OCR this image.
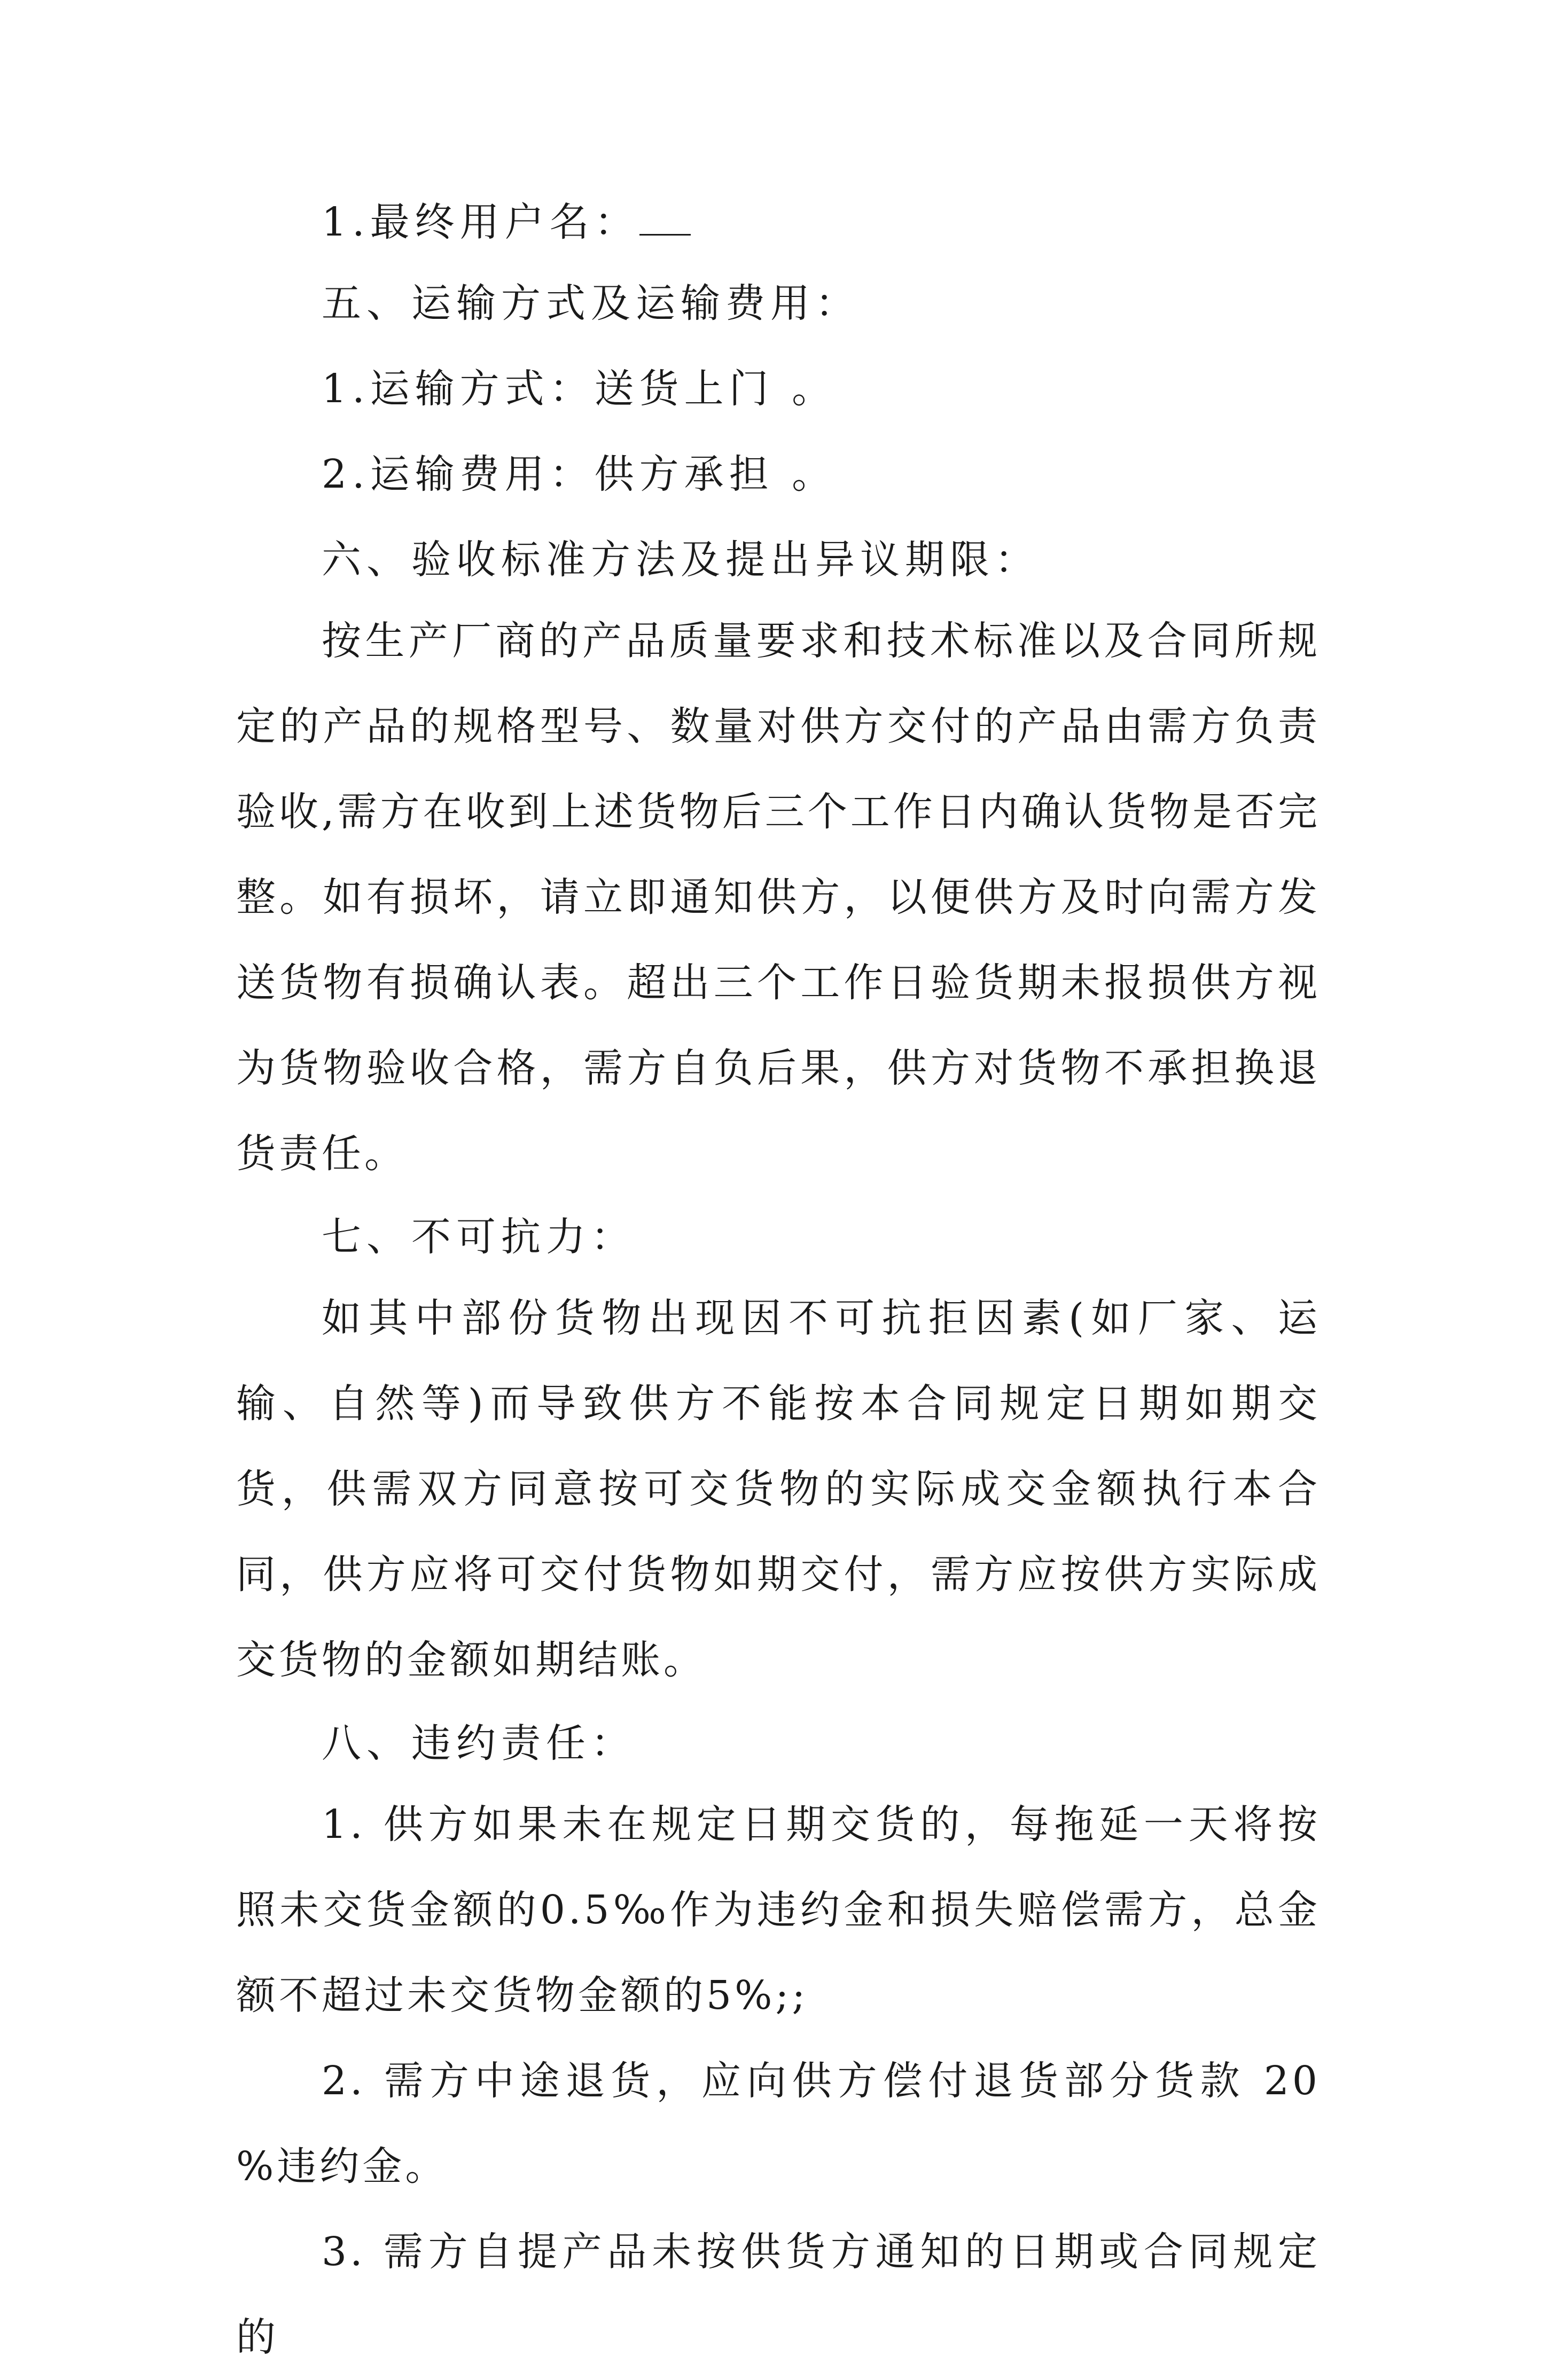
1.最终用户名：
五、运输方式及运输费用：
1.运输方式：送货上门 。
2.运输费用：供方承担 。
六、验收标准方法及提出异议期限：

按生产厂商的产品质量要求和技术标准以及合同所规定的产品的规格型号、数量对供方交付的产品由需方负责验收,需方在收到上述货物后三个工作日内确认货物是否完整。如有损坏，请立即通知供方，以便供方及时向需方发送货物有损确认表。超出三个工作日验货期未报损供方视为货物验收合格，需方自负后果，供方对货物不承担换退货责任。

七、不可抗力：

如其中部份货物出现因不可抗拒因素(如厂家、运输、自然等)而导致供方不能按本合同规定日期如期交货，供需双方同意按可交货物的实际成交金额执行本合同，供方应将可交付货物如期交付，需方应按供方实际成交货物的金额如期结账。

八、违约责任：

1. 供方如果未在规定日期交货的，每拖延一天将按照未交货金额的0.5‰作为违约金和损失赔偿需方，总金额不超过未交货物金额的5%;;

2. 需方中途退货，应向供方偿付退货部分货款 20 %违约金。

3. 需方自提产品未按供货方通知的日期或合同规定的
